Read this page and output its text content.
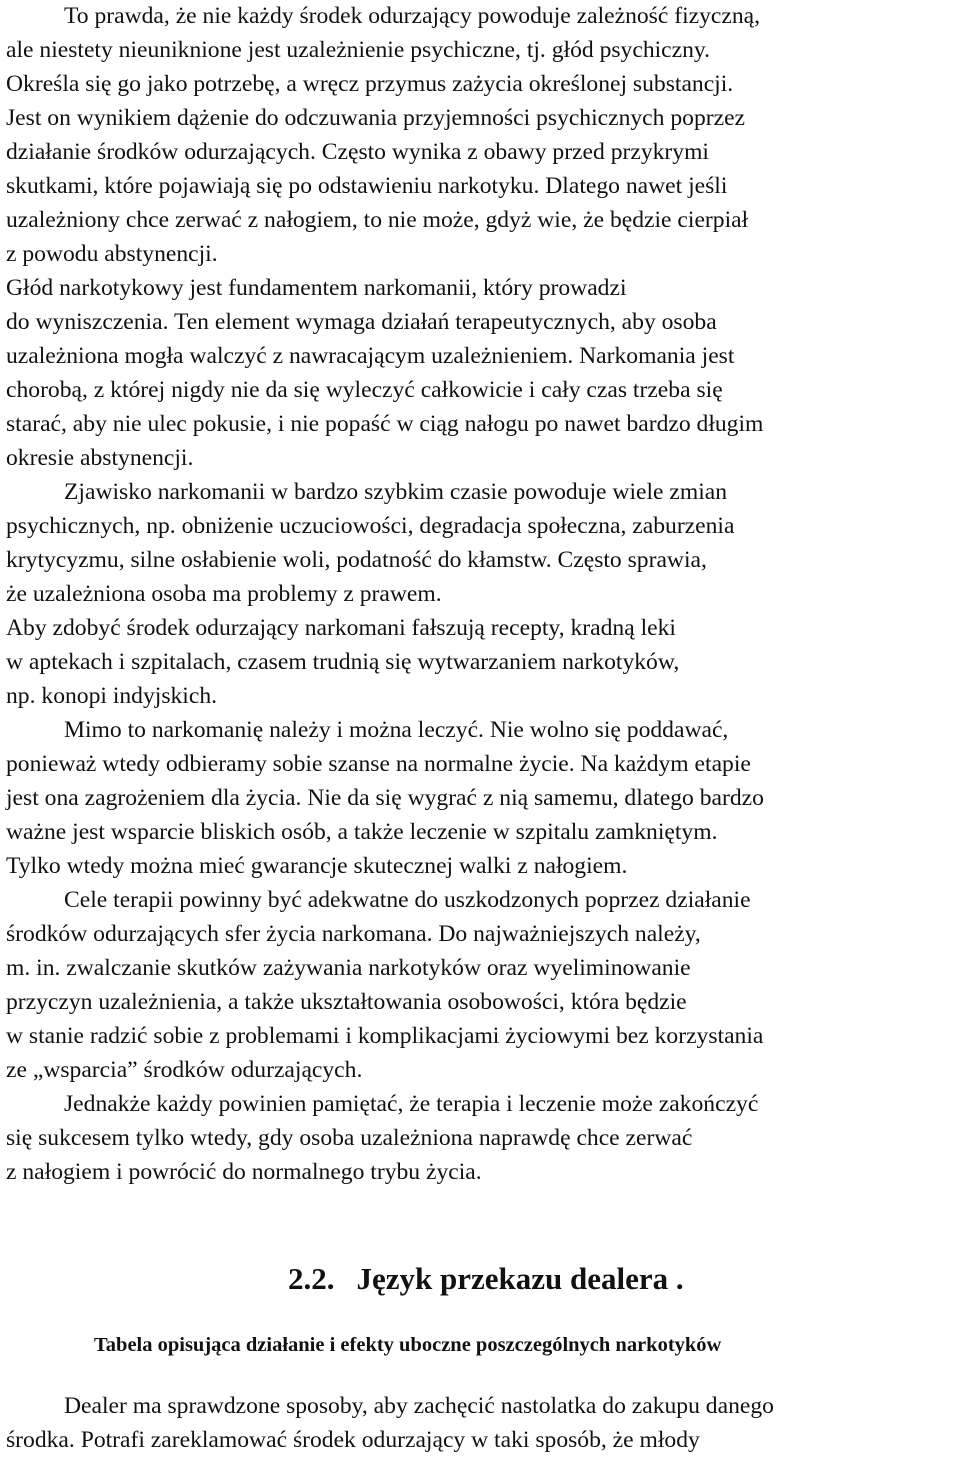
To prawda, że nie każdy środek odurzający powoduje zależność fizyczną,
ale niestety nieuniknione jest uzależnienie psychiczne, tj. głód psychiczny.
Określa się go jako potrzebę, a wręcz przymus zażycia określonej substancji.
Jest on wynikiem dążenie do odczuwania przyjemności psychicznych poprzez
działanie środków odurzających. Często wynika z obawy przed przykrymi
skutkami, które pojawiają się po odstawieniu narkotyku. Dlatego nawet jeśli
uzależniony chce zerwać z nałogiem, to nie może, gdyż wie, że będzie cierpiał
z powodu abstynencji.
Głód narkotykowy jest fundamentem narkomanii, który prowadzi
do wyniszczenia. Ten element wymaga działań terapeutycznych, aby osoba
uzależniona mogła walczyć z nawracającym uzależnieniem. Narkomania jest
chorobą, z której nigdy nie da się wyleczyć całkowicie i cały czas trzeba się
starać, aby nie ulec pokusie, i nie popaść w ciąg nałogu po nawet bardzo długim
okresie abstynencji.
Zjawisko narkomanii w bardzo szybkim czasie powoduje wiele zmian
psychicznych, np. obniżenie uczuciowości, degradacja społeczna, zaburzenia
krytycyzmu, silne osłabienie woli, podatność do kłamstw. Często sprawia,
że uzależniona osoba ma problemy z prawem.
Aby zdobyć środek odurzający narkomani fałszują recepty, kradną leki
w aptekach i szpitalach, czasem trudnią się wytwarzaniem narkotyków,
np. konopi indyjskich.
Mimo to narkomanię należy i można leczyć. Nie wolno się poddawać,
ponieważ wtedy odbieramy sobie szanse na normalne życie. Na każdym etapie
jest ona zagrożeniem dla życia. Nie da się wygrać z nią samemu, dlatego bardzo
ważne jest wsparcie bliskich osób, a także leczenie w szpitalu zamkniętym.
Tylko wtedy można mieć gwarancje skutecznej walki z nałogiem.
Cele terapii powinny być adekwatne do uszkodzonych poprzez działanie
środków odurzających sfer życia narkomana. Do najważniejszych należy,
m. in. zwalczanie skutków zażywania narkotyków oraz wyeliminowanie
przyczyn uzależnienia, a także ukształtowania osobowości, która będzie
w stanie radzić sobie z problemami i komplikacjami życiowymi bez korzystania
ze „wsparcia” środków odurzających.
Jednakże każdy powinien pamiętać, że terapia i leczenie może zakończyć
się sukcesem tylko wtedy, gdy osoba uzależniona naprawdę chce zerwać
z nałogiem i powrócić do normalnego trybu życia.
2.2. Język przekazu dealera .
Tabela opisująca działanie i efekty uboczne poszczególnych narkotyków
Dealer ma sprawdzone sposoby, aby zachęcić nastolatka do zakupu danego
środka. Potrafi zareklamować środek odurzający w taki sposób, że młody
